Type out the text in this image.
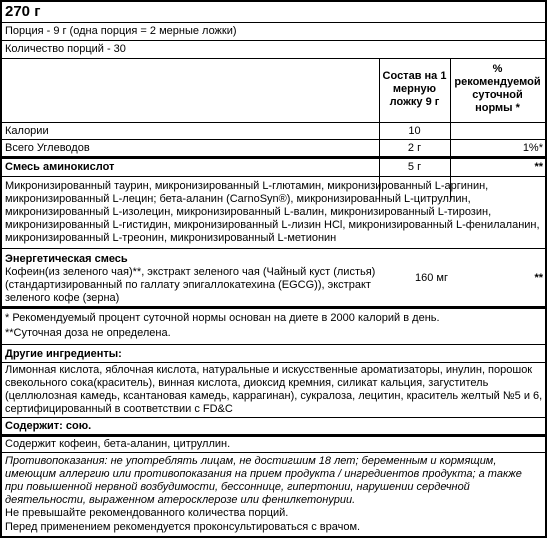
270 г
Порция - 9 г (одна порция = 2 мерные ложки)
Количество порций - 30
Состав на 1
мерную
ложку 9 г
%
рекомендуемой
суточной
нормы *
Калории	10
Всего Углеводов	2 г	1%*
Смесь аминокислот	5 г	**
Микронизированный таурин, микронизированный L-глютамин, микронизированный L-аргинин,
микронизированный L-лецин; бета-аланин (CarnoSyn®), микронизированный L-цитруллин,
микронизированный L-изолецин, микронизированный L-валин, микронизированный L-тирозин,
микронизированный L-гистидин, микронизированный L-лизин HCl, микронизированный L-фенилаланин,
микронизированный L-треонин, микронизированный L-метионин
Энергетическая смесь
Кофеин(из зеленого чая)**, экстракт зеленого чая (Чайный куст (листья)
(стандартизированный по галлату эпигаллокатехина (EGCG)), экстракт
зеленого кофе (зерна)
160 мг	**
* Рекомендуемый процент суточной нормы основан на диете в 2000 калорий в день.
**Суточная доза не определена.
Другие ингредиенты:
Лимонная кислота, яблочная кислота, натуральные и искусственные ароматизаторы, инулин, порошок
свекольного сока(краситель), винная кислота, диоксид кремния, силикат кальция, загуститель
(целлюлозная камедь, ксантановая камедь, каррагинан), сукралоза, лецитин, краситель желтый №5 и 6,
сертифицированный в соответствии с FD&C
Содержит: сою.
Содержит кофеин, бета-аланин, цитруллин.
Противопоказания: не употреблять лицам, не достигшим 18 лет; беременным и кормящим,
имеющим аллергию или противопоказания на прием продукта / ингредиентов продукта; а также
при повышенной нервной возбудимости, бессоннице, гипертонии, нарушении сердечной
деятельности, выраженном атеросклерозе или фенилкетонурии.
Не превышайте рекомендованного количества порций.
Перед применением рекомендуется проконсультироваться с врачом.
